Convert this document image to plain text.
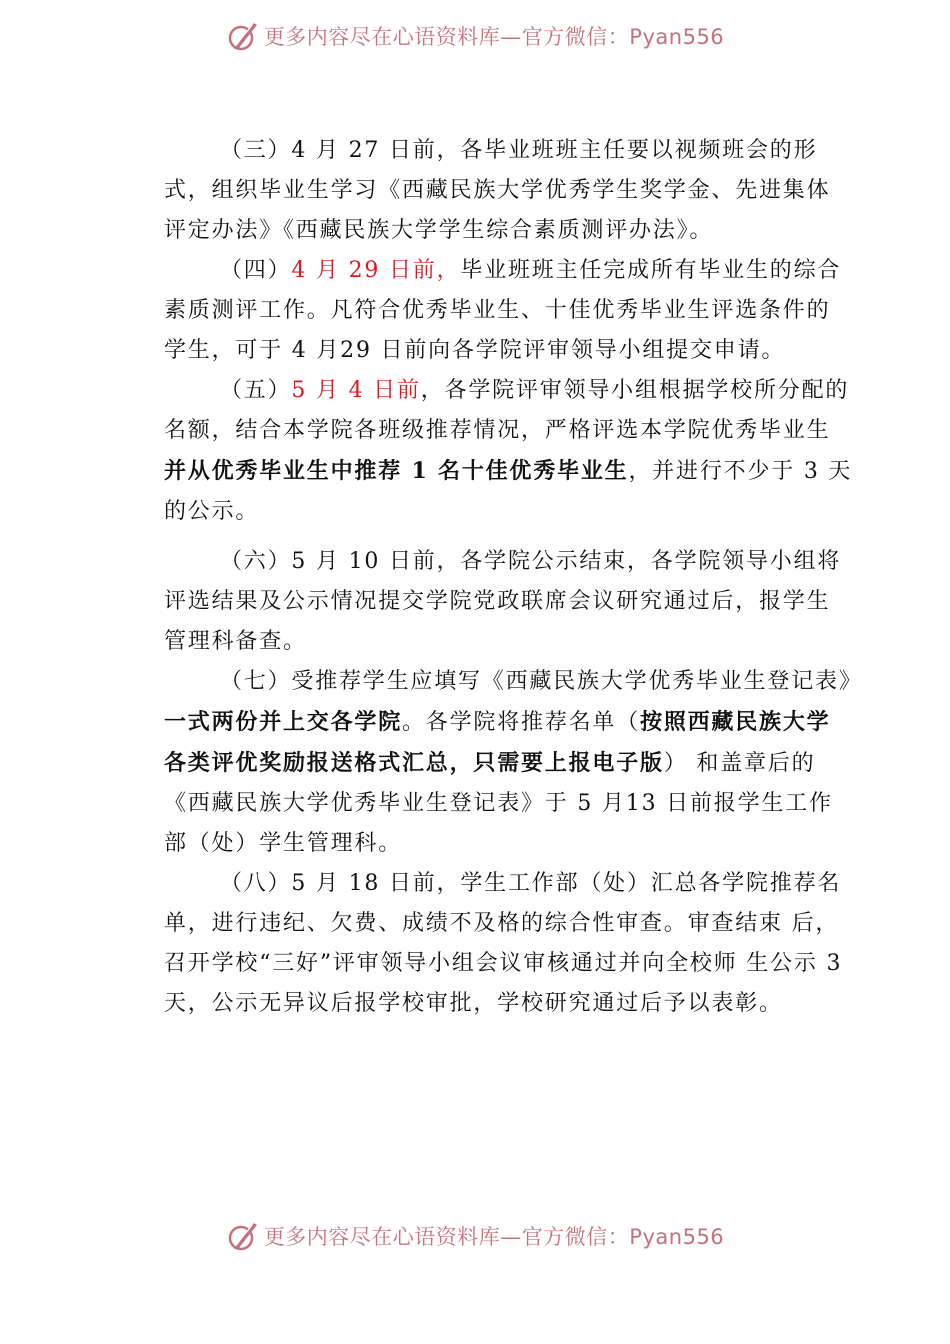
更多内容尽在心语资料库—官方微信：Pyan556

（三）4 月 27 日前，各毕业班班主任要以视频班会的形式，组织毕业生学习《西藏民族大学优秀学生奖学金、先进集体评定办法》《西藏民族大学学生综合素质测评办法》。

（四）4 月 29 日前，毕业班班主任完成所有毕业生的综合素质测评工作。凡符合优秀毕业生、十佳优秀毕业生评选条件的学生，可于 4 月29 日前向各学院评审领导小组提交申请。

（五）5 月 4 日前，各学院评审领导小组根据学校所分配的名额，结合本学院各班级推荐情况，严格评选本学院优秀毕业生并从优秀毕业生中推荐 1 名十佳优秀毕业生，并进行不少于 3 天的公示。

（六）5 月 10 日前，各学院公示结束，各学院领导小组将评选结果及公示情况提交学院党政联席会议研究通过后，报学生管理科备查。

（七）受推荐学生应填写《西藏民族大学优秀毕业生登记表》一式两份并上交各学院。各学院将推荐名单（按照西藏民族大学各类评优奖励报送格式汇总，只需要上报电子版） 和盖章后的《西藏民族大学优秀毕业生登记表》于 5 月13 日前报学生工作部（处）学生管理科。

（八）5 月 18 日前，学生工作部（处）汇总各学院推荐名单，进行违纪、欠费、成绩不及格的综合性审查。审查结束 后，召开学校“三好”评审领导小组会议审核通过并向全校师 生公示 3 天，公示无异议后报学校审批，学校研究通过后予以表彰。

更多内容尽在心语资料库—官方微信：Pyan556
